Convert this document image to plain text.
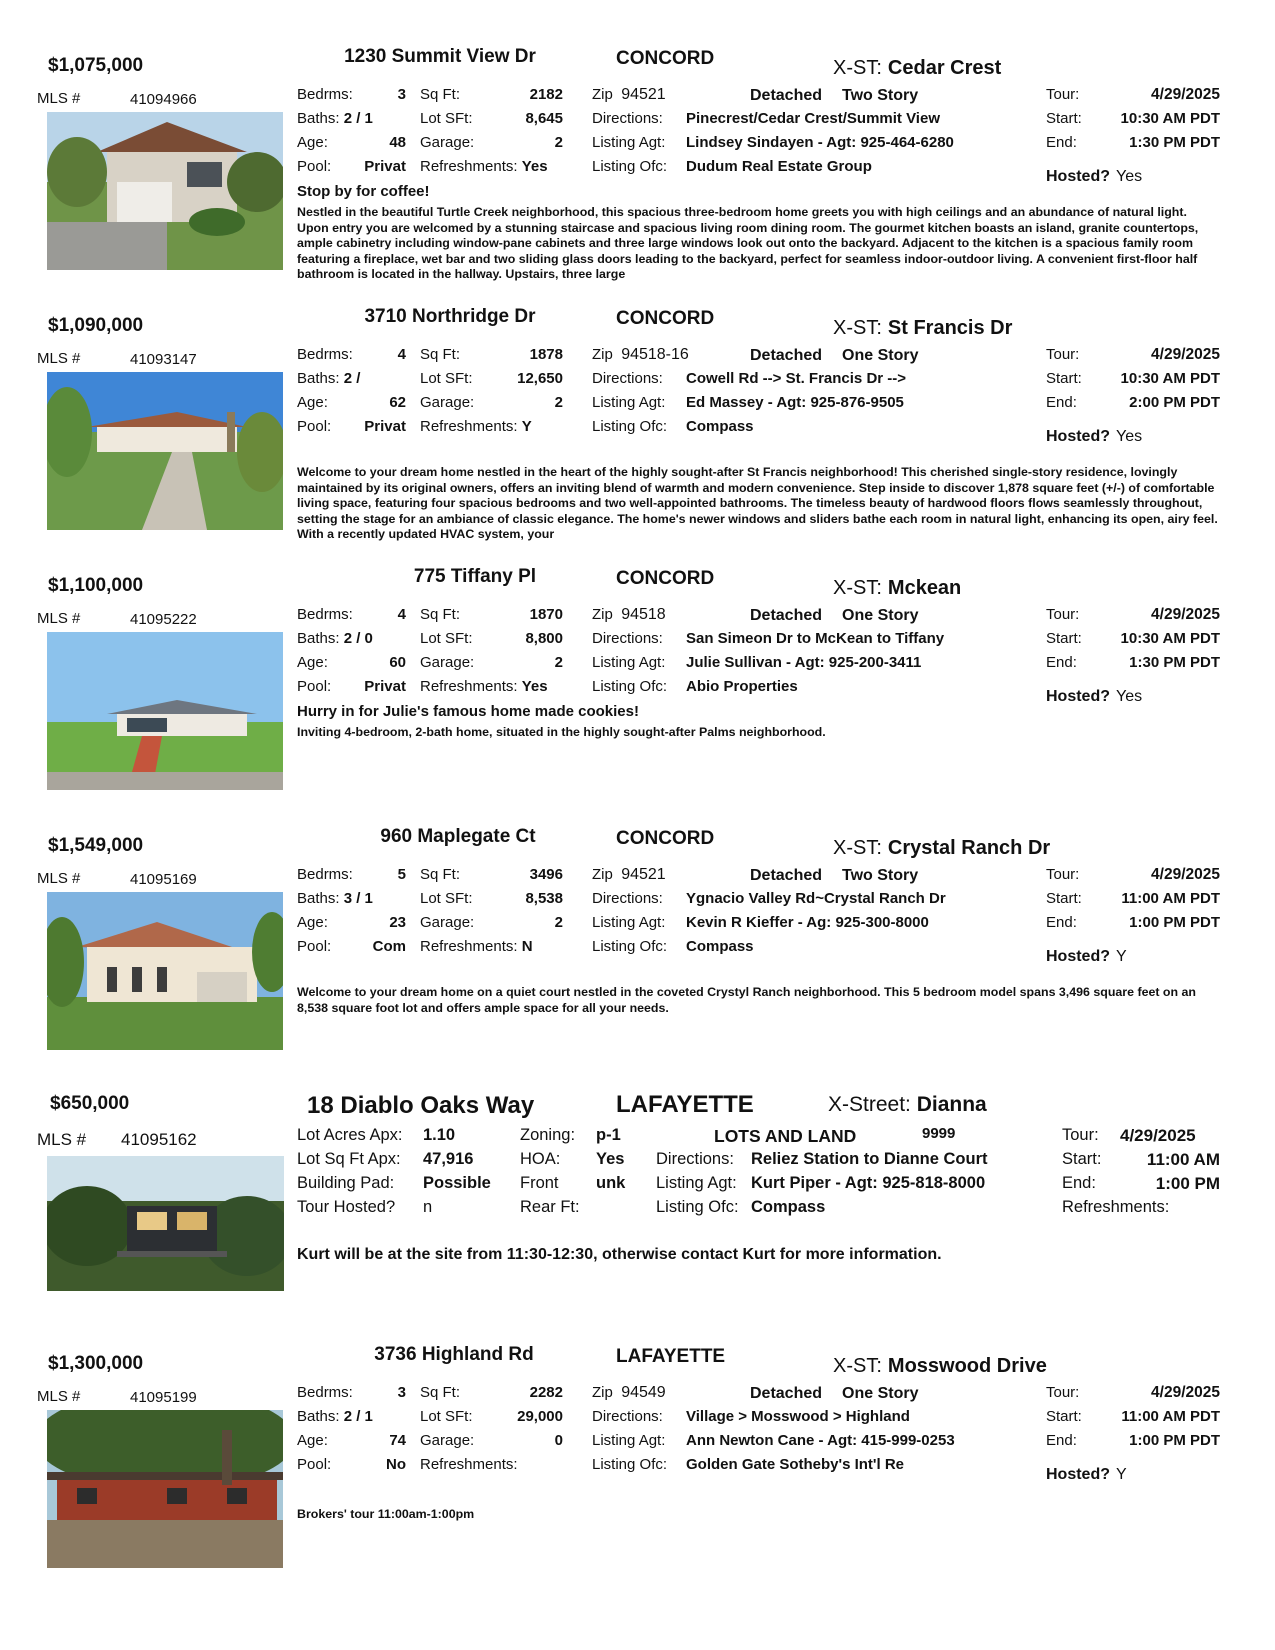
$1,075,000	1230 Summit View Dr	CONCORD	X-ST: Cedar Crest
MLS #	41094966	Bedrms:	3 Sq Ft:	2182
Baths: 2 / 1	Lot SFt:	8,645
Age:	48 Garage:	2
Pool:	Privat Refreshments: Yes
Zip 94521	Detached Two Story
Directions: Pinecrest/Cedar Crest/Summit View
Listing Agt: Lindsey Sindayen - Agt: 925-464-6280
Listing Ofc: Dudum Real Estate Group
Tour:	4/29/2025
Start:	10:30 AM PDT
End:	1:30 PM PDT
Hosted? Yes
Stop by for coffee!
Nestled in the beautiful Turtle Creek neighborhood, this spacious three-bedroom home greets you with high ceilings and an abundance of natural light. Upon entry you are welcomed by a stunning staircase and spacious living room dining room. The gourmet kitchen boasts an island, granite countertops, ample cabinetry including window-pane cabinets and three large windows look out onto the backyard. Adjacent to the kitchen is a spacious family room featuring a fireplace, wet bar and two sliding glass doors leading to the backyard, perfect for seamless indoor-outdoor living. A convenient first-floor half bathroom is located in the hallway. Upstairs, three large
$1,090,000	3710 Northridge Dr	CONCORD	X-ST: St Francis Dr
MLS #	41093147	Bedrms:	4 Sq Ft:	1878
Baths: 2 /	Lot SFt:	12,650
Age:	62 Garage:	2
Pool:	Privat Refreshments: Y
Zip 94518-16	Detached One Story
Directions: Cowell Rd --> St. Francis Dr -->
Listing Agt: Ed Massey - Agt: 925-876-9505
Listing Ofc: Compass
Tour:	4/29/2025
Start:	10:30 AM PDT
End:	2:00 PM PDT
Hosted? Yes
Welcome to your dream home nestled in the heart of the highly sought-after St Francis neighborhood! This cherished single-story residence, lovingly maintained by its original owners, offers an inviting blend of warmth and modern convenience. Step inside to discover 1,878 square feet (+/-) of comfortable living space, featuring four spacious bedrooms and two well-appointed bathrooms. The timeless beauty of hardwood floors flows seamlessly throughout, setting the stage for an ambiance of classic elegance. The home's newer windows and sliders bathe each room in natural light, enhancing its open, airy feel. With a recently updated HVAC system, your
$1,100,000	775 Tiffany Pl	CONCORD	X-ST: Mckean
MLS #	41095222	Bedrms:	4 Sq Ft:	1870
Baths: 2 / 0	Lot SFt:	8,800
Age:	60 Garage:	2
Pool:	Privat Refreshments: Yes
Zip 94518	Detached One Story
Directions: San Simeon Dr to McKean to Tiffany
Listing Agt: Julie Sullivan - Agt: 925-200-3411
Listing Ofc: Abio Properties
Tour:	4/29/2025
Start:	10:30 AM PDT
End:	1:30 PM PDT
Hosted? Yes
Hurry in for Julie's famous home made cookies!
Inviting 4-bedroom, 2-bath home, situated in the highly sought-after Palms neighborhood.
$1,549,000	960 Maplegate Ct	CONCORD	X-ST: Crystal Ranch Dr
MLS #	41095169	Bedrms:	5 Sq Ft:	3496
Baths: 3 / 1	Lot SFt:	8,538
Age:	23 Garage:	2
Pool:	Com Refreshments: N
Zip 94521	Detached Two Story
Directions: Ygnacio Valley Rd~Crystal Ranch Dr
Listing Agt: Kevin R Kieffer - Ag: 925-300-8000
Listing Ofc: Compass
Tour:	4/29/2025
Start:	11:00 AM PDT
End:	1:00 PM PDT
Hosted? Y
Welcome to your dream home on a quiet court nestled in the coveted Crystyl Ranch neighborhood. This 5 bedroom model spans 3,496 square feet on an 8,538 square foot lot and offers ample space for all your needs.
$650,000	18 Diablo Oaks Way	LAFAYETTE	X-Street: Dianna
MLS # 41095162	Lot Acres Apx: 1.10	Zoning: p-1
Lot Sq Ft Apx: 47,916	HOA: Yes
Building Pad: Possible Front unk
Tour Hosted? n	Rear Ft:
LOTS AND LAND	9999
Directions: Reliez Station to Dianne Court
Listing Agt: Kurt Piper - Agt: 925-818-8000
Listing Ofc: Compass
Tour: 4/29/2025
Start:	11:00 AM
End:	1:00 PM
Refreshments:
Kurt will be at the site from 11:30-12:30, otherwise contact Kurt for more information.
$1,300,000	3736 Highland Rd	LAFAYETTE	X-ST: Mosswood Drive
MLS #	41095199	Bedrms:	3 Sq Ft:	2282
Baths: 2 / 1	Lot SFt:	29,000
Age:	74 Garage:	0
Pool:	No Refreshments:
Zip 94549	Detached One Story
Directions: Village > Mosswood > Highland
Listing Agt: Ann Newton Cane - Agt: 415-999-0253
Listing Ofc: Golden Gate Sotheby's Int'l Re
Tour:	4/29/2025
Start:	11:00 AM PDT
End:	1:00 PM PDT
Hosted? Y
Brokers' tour 11:00am-1:00pm
